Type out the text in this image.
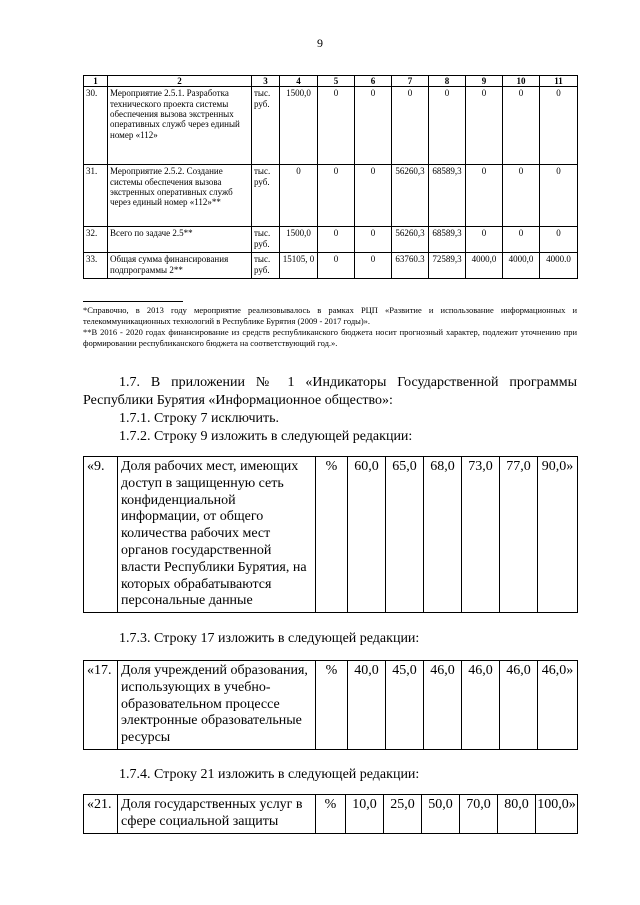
9
1	2	3	4	5	6	7	8	9	10	11
30.	Мероприятие 2.5.1. Разработка технического проекта системы обеспечения вызова экстренных оперативных служб через единый номер «112»	тыс. руб.	1500,0	0	0	0	0	0	0	0
31.	Мероприятие 2.5.2. Создание системы обеспечения вызова экстренных оперативных служб через единый номер «112»**	тыс. руб.	0	0	0	56260,3	68589,3	0	0	0
32.	Всего по задаче 2.5**	тыс. руб.	1500,0	0	0	56260,3	68589,3	0	0	0
33.	Общая сумма финансирования подпрограммы 2**	тыс. руб.	15105, 0	0	0	63760.3	72589,3	4000,0	4000,0	4000.0

*Справочно, в 2013 году мероприятие реализовывалось в рамках РЦП «Развитие и использование информационных и телекоммуникационных технологий в Республике Бурятия (2009 - 2017 годы)».

**В 2016 - 2020 годах финансирование из средств республиканского бюджета носит прогнозный характер, подлежит уточнению при формировании республиканского бюджета на соответствующий год.».

1.7. В приложении № 1 «Индикаторы Государственной программы Республики Бурятия «Информационное общество»:
1.7.1. Строку 7 исключить.
1.7.2. Строку 9 изложить в следующей редакции:
«9.	Доля рабочих мест, имеющих доступ в защищенную сеть конфиденциальной информации, от общего количества рабочих мест органов государственной власти Республики Бурятия, на которых обрабатываются персональные данные	%	60,0	65,0	68,0	73,0	77,0	90,0»
1.7.3. Строку 17 изложить в следующей редакции:
«17.	Доля учреждений образования, использующих в учебно-образовательном процессе электронные образовательные ресурсы	%	40,0	45,0	46,0	46,0	46,0	46,0»
1.7.4. Строку 21 изложить в следующей редакции:
«21.	Доля государственных услуг в сфере социальной защиты	%	10,0	25,0	50,0	70,0	80,0	100,0»
